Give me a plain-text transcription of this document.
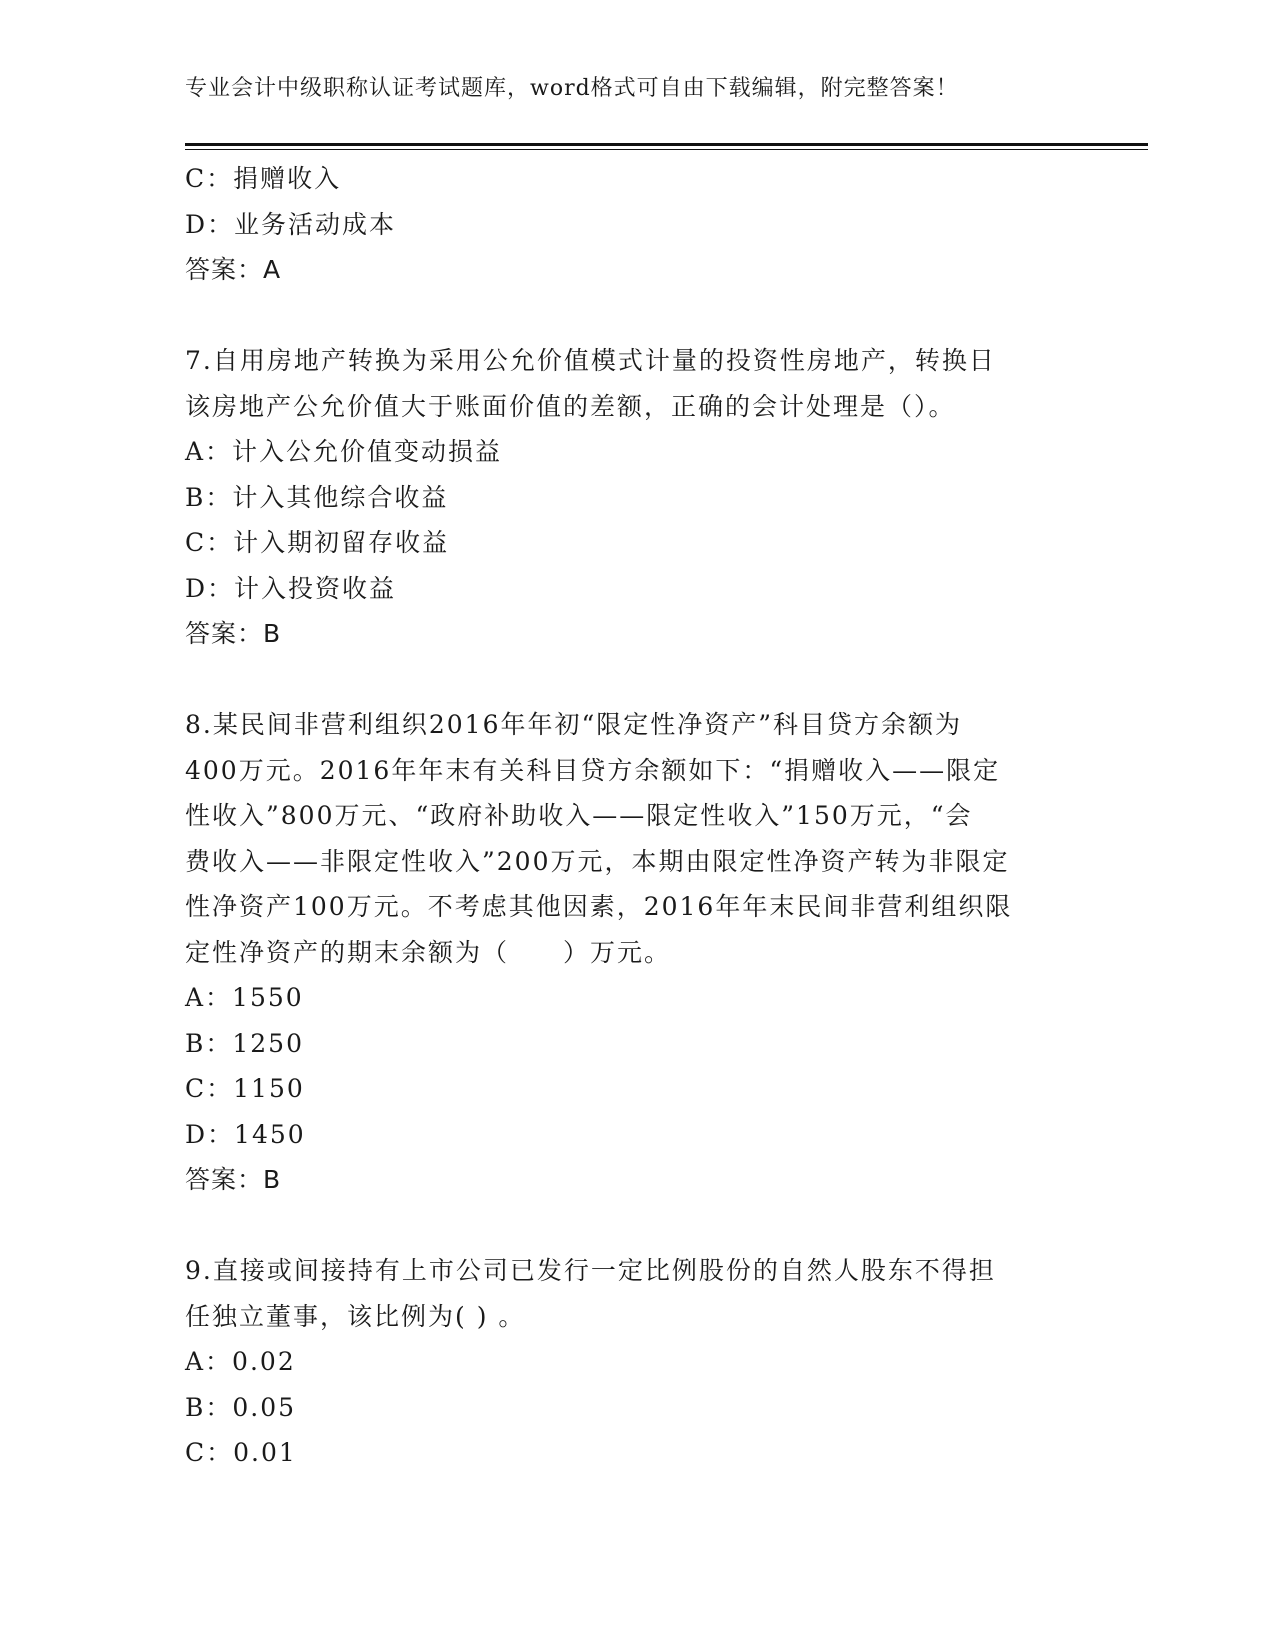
专业会计中级职称认证考试题库，word格式可自由下载编辑，附完整答案！
C：捐赠收入
D：业务活动成本
答案：A
7.自用房地产转换为采用公允价值模式计量的投资性房地产，转换日
该房地产公允价值大于账面价值的差额，正确的会计处理是（）。
A：计入公允价值变动损益
B：计入其他综合收益
C：计入期初留存收益
D：计入投资收益
答案：B
8.某民间非营利组织2016年年初“限定性净资产”科目贷方余额为
400万元。2016年年末有关科目贷方余额如下：“捐赠收入——限定
性收入”800万元、“政府补助收入——限定性收入”150万元，“会
费收入——非限定性收入”200万元，本期由限定性净资产转为非限定
性净资产100万元。不考虑其他因素，2016年年末民间非营利组织限
定性净资产的期末余额为（　　）万元。
A：1550
B：1250
C：1150
D：1450
答案：B
9.直接或间接持有上市公司已发行一定比例股份的自然人股东不得担
任独立董事，该比例为( ) 。
A：0.02
B：0.05
C：0.01
